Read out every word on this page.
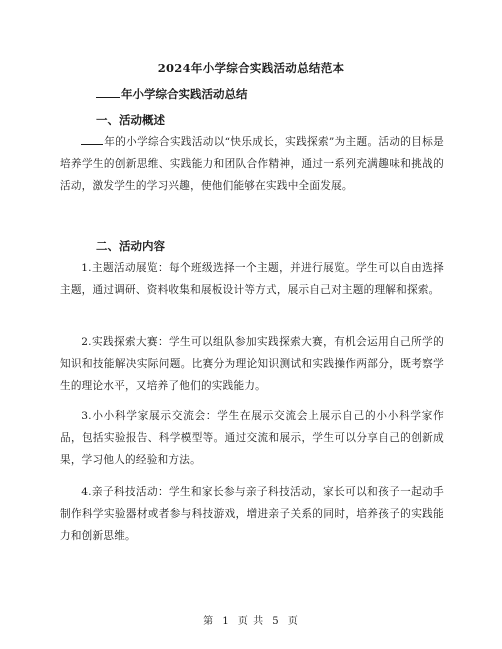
2024年小学综合实践活动总结范本
年小学综合实践活动总结
一、活动概述
年的小学综合实践活动以“快乐成长，实践探索”为主题。活动的目标是培养学生的创新思维、实践能力和团队合作精神，通过一系列充满趣味和挑战的活动，激发学生的学习兴趣，使他们能够在实践中全面发展。
二、活动内容
1.主题活动展览：每个班级选择一个主题，并进行展览。学生可以自由选择主题，通过调研、资料收集和展板设计等方式，展示自己对主题的理解和探索。
2.实践探索大赛：学生可以组队参加实践探索大赛，有机会运用自己所学的知识和技能解决实际问题。比赛分为理论知识测试和实践操作两部分，既考察学生的理论水平，又培养了他们的实践能力。
3.小小科学家展示交流会：学生在展示交流会上展示自己的小小科学家作品，包括实验报告、科学模型等。通过交流和展示，学生可以分享自己的创新成果，学习他人的经验和方法。
4.亲子科技活动：学生和家长参与亲子科技活动，家长可以和孩子一起动手制作科学实验器材或者参与科技游戏，增进亲子关系的同时，培养孩子的实践能力和创新思维。
第 1 页 共 5 页
